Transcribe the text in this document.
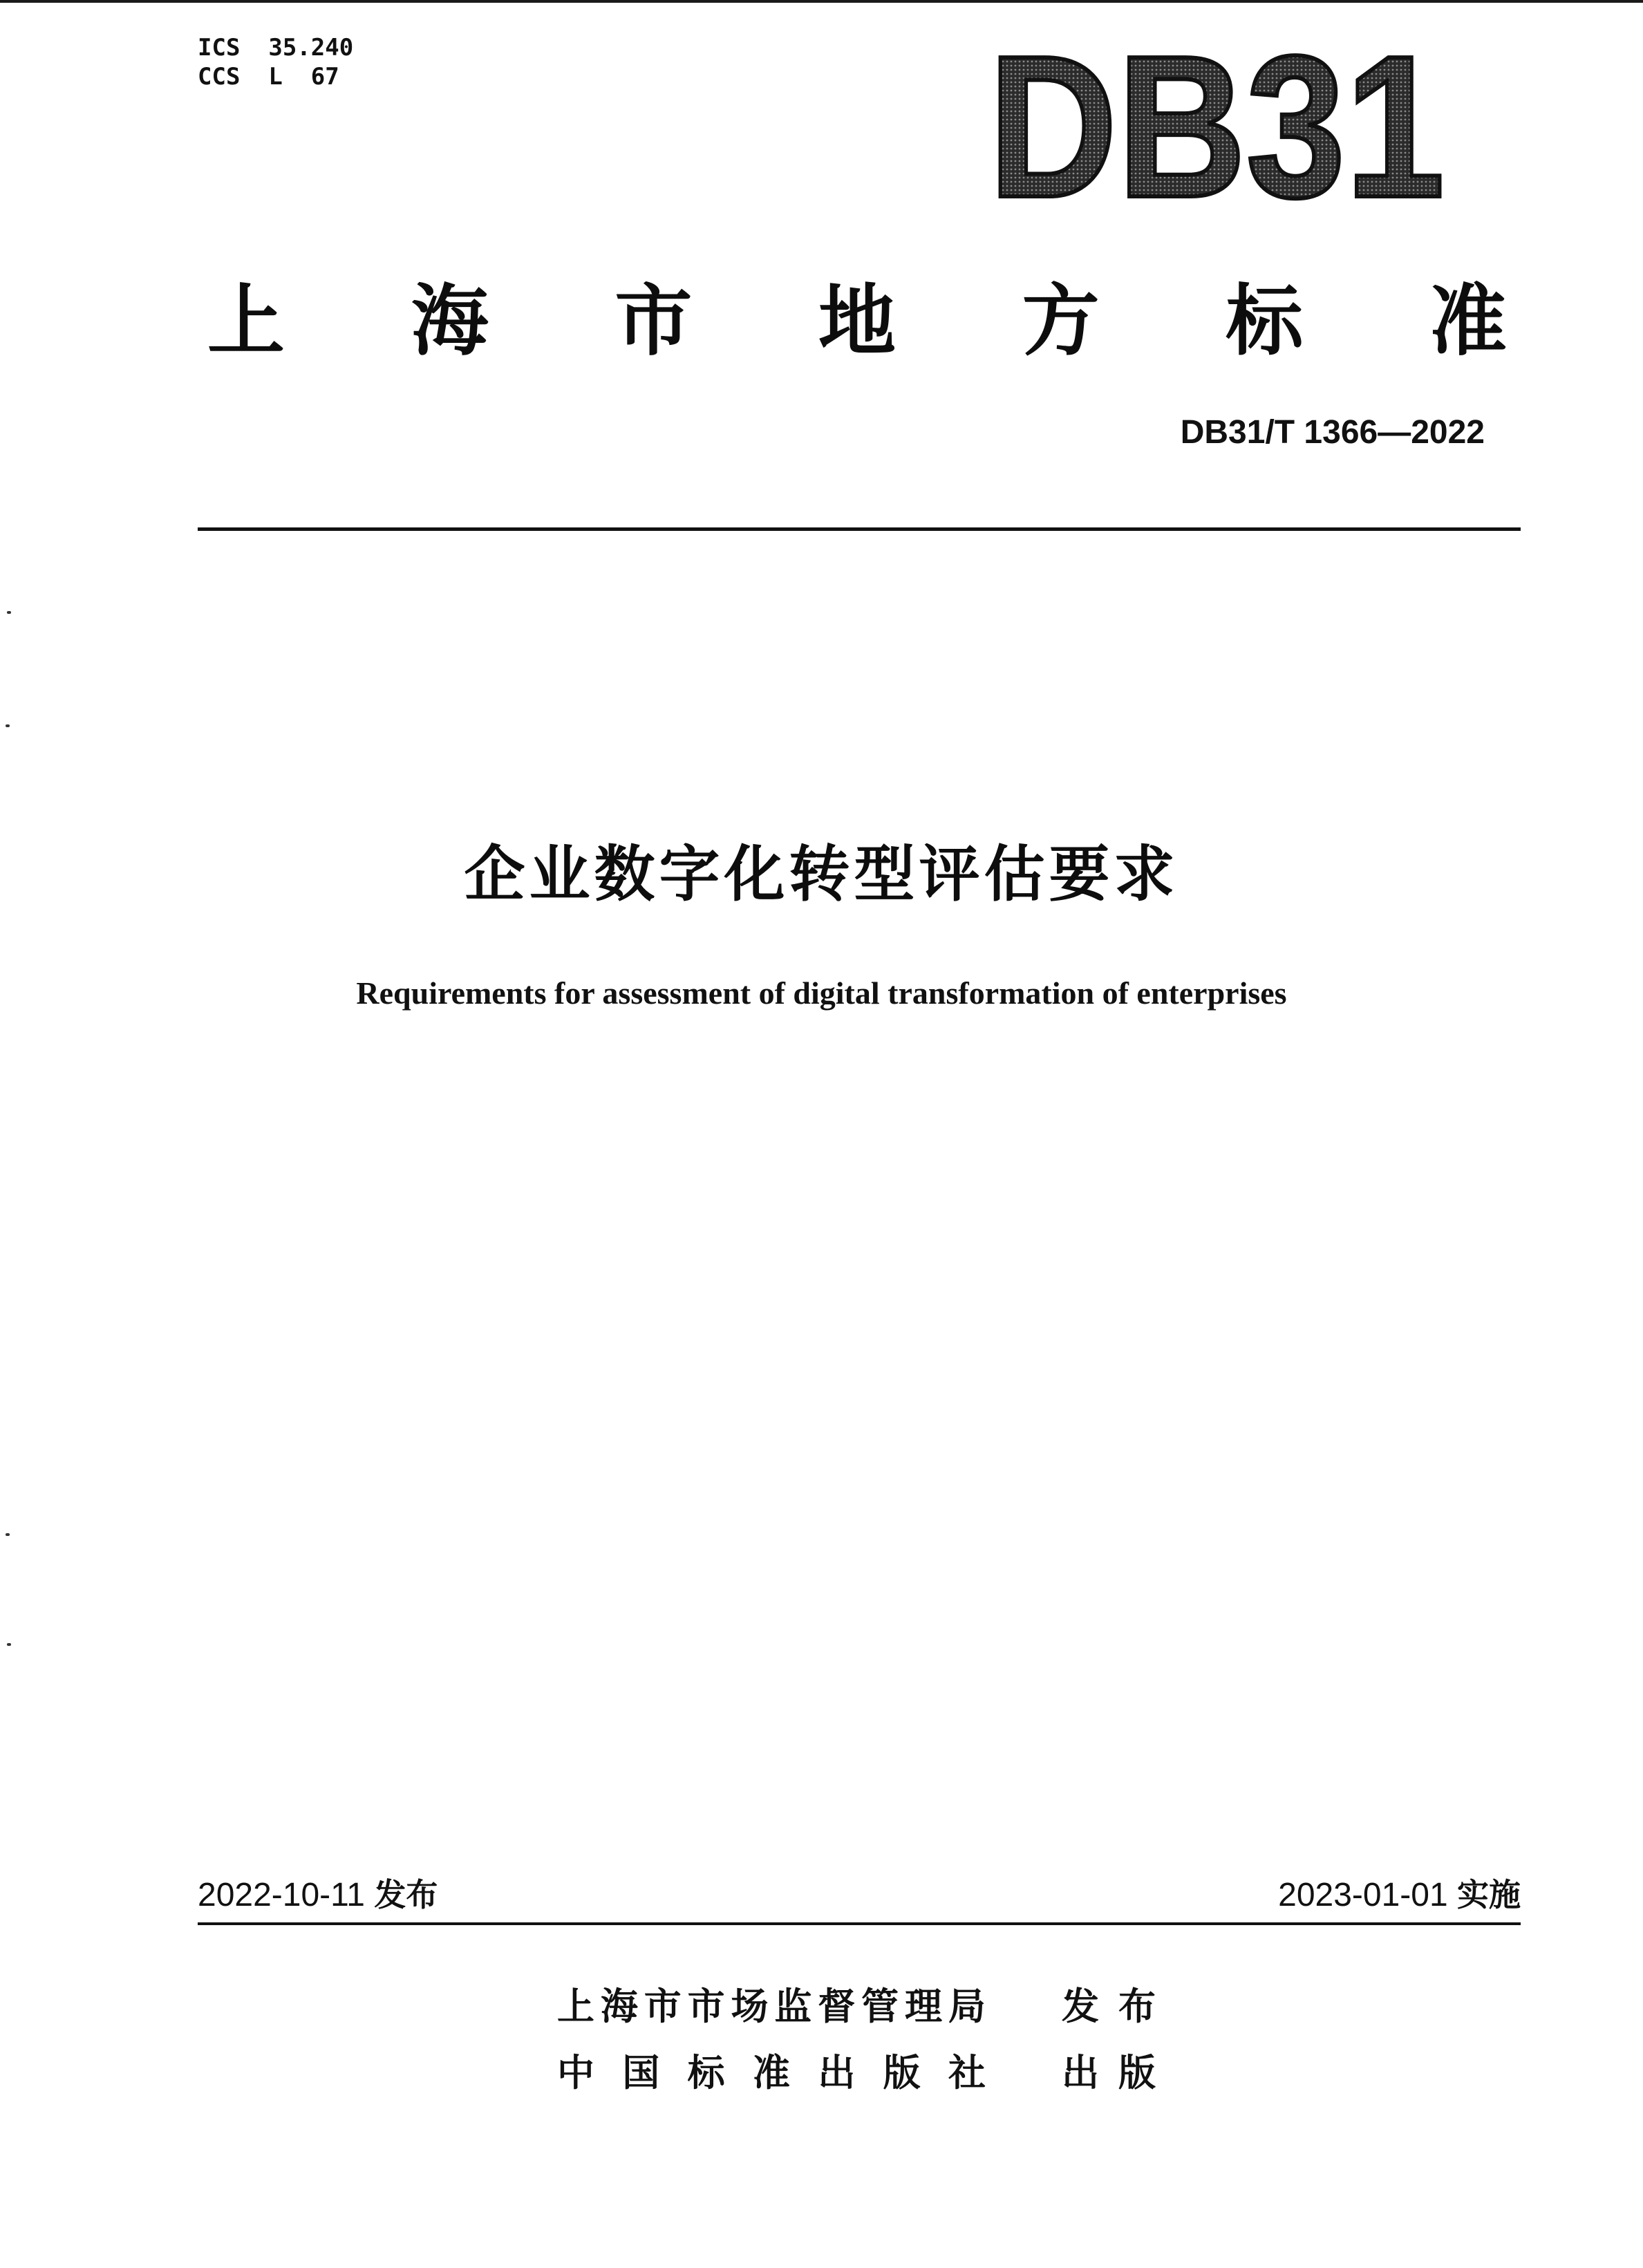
ICS  35.240
CCS  L  67	DB31
上 海 市 地 方 标 准
DB31/T 1366—2022
企业数字化转型评估要求
Requirements for assessment of digital transformation of enterprises
2022-10-11 发布	2023-01-01 实施
上 海 市 市 场 监 督 管 理 局 发 布
中 国 标 准 出 版 社 出 版
